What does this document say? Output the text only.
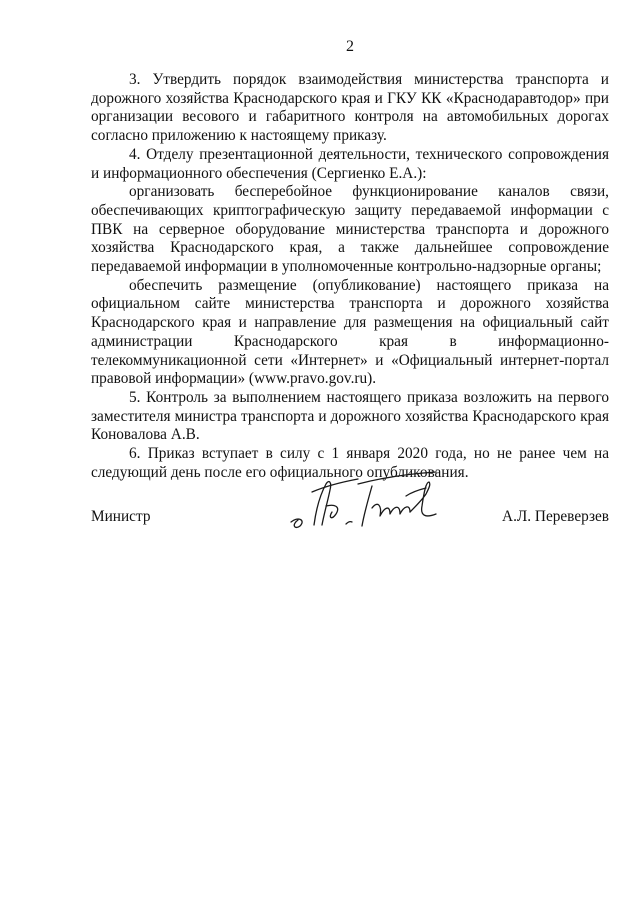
2

3. Утвердить порядок взаимодействия министерства транспорта и дорожного хозяйства Краснодарского края и ГКУ КК «Краснодаравтодор» при организации весового и габаритного контроля на автомобильных дорогах согласно приложению к настоящему приказу.

4. Отделу презентационной деятельности, технического сопровождения и информационного обеспечения (Сергиенко Е.А.):

организовать бесперебойное функционирование каналов связи, обеспечивающих криптографическую защиту передаваемой информации с ПВК на серверное оборудование министерства транспорта и дорожного хозяйства Краснодарского края, а также дальнейшее сопровождение передаваемой информации в уполномоченные контрольно-надзорные органы;

обеспечить размещение (опубликование) настоящего приказа на официальном сайте министерства транспорта и дорожного хозяйства Краснодарского края и направление для размещения на официальный сайт администрации Краснодарского края в информационно-телекоммуникационной сети «Интернет» и «Официальный интернет-портал правовой информации» (www.pravo.gov.ru).

5. Контроль за выполнением настоящего приказа возложить на первого заместителя министра транспорта и дорожного хозяйства Краснодарского края Коновалова А.В.

6. Приказ вступает в силу с 1 января 2020 года, но не ранее чем на следующий день после его официального опубликования.

Министр	А.Л. Переверзев
